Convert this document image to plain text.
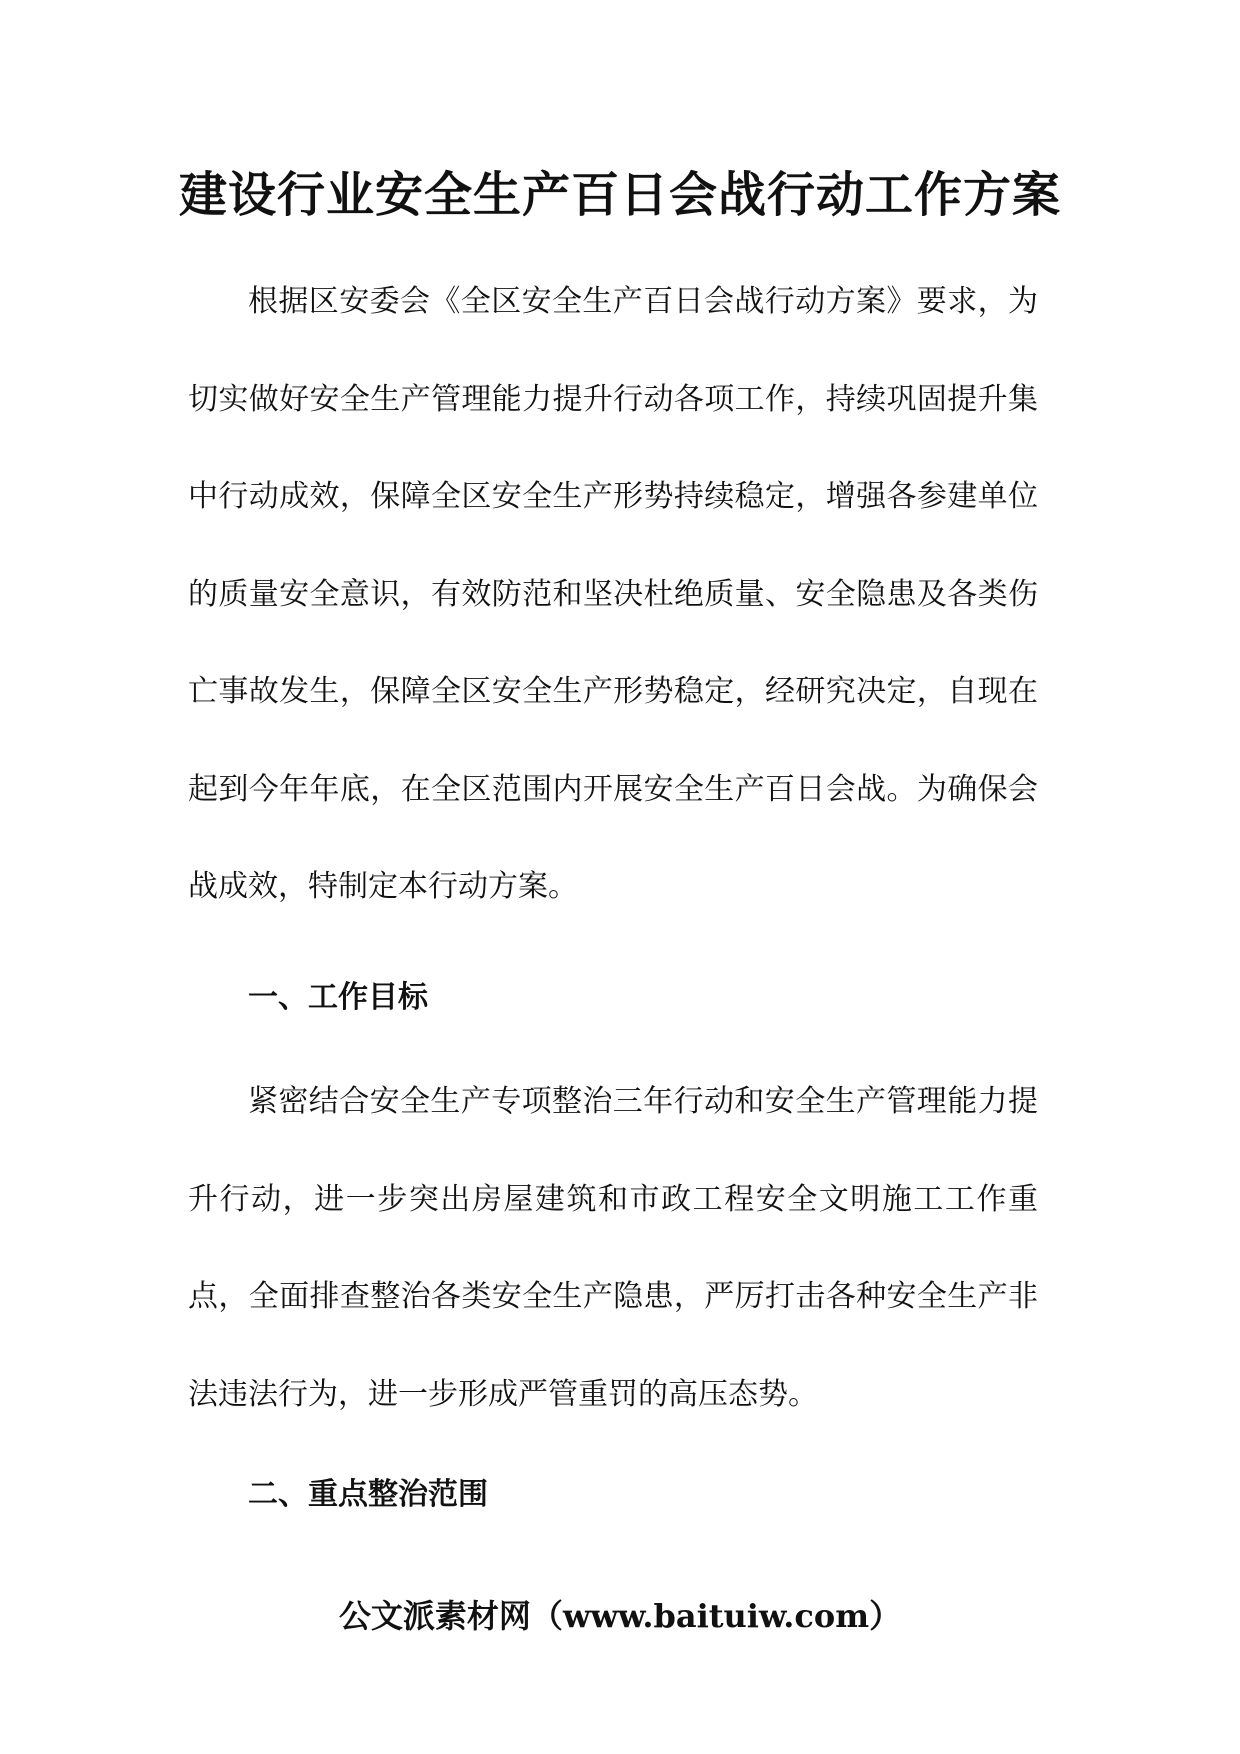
建设行业安全生产百日会战行动工作方案

根据区安委会《全区安全生产百日会战行动方案》要求，为切实做好安全生产管理能力提升行动各项工作，持续巩固提升集中行动成效，保障全区安全生产形势持续稳定，增强各参建单位的质量安全意识，有效防范和坚决杜绝质量、安全隐患及各类伤亡事故发生，保障全区安全生产形势稳定，经研究决定，自现在起到今年年底，在全区范围内开展安全生产百日会战。为确保会战成效，特制定本行动方案。

一、工作目标

紧密结合安全生产专项整治三年行动和安全生产管理能力提升行动，进一步突出房屋建筑和市政工程安全文明施工工作重点，全面排查整治各类安全生产隐患，严厉打击各种安全生产非法违法行为，进一步形成严管重罚的高压态势。

二、重点整治范围
公文派素材网（www.baituiw.com）
